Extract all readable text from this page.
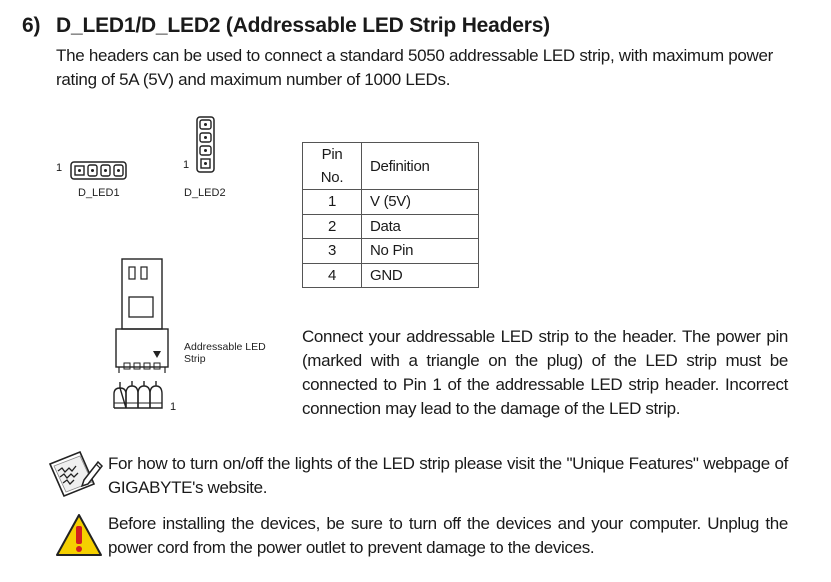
6) D_LED1/D_LED2 (Addressable LED Strip Headers)
The headers can be used to connect a standard 5050 addressable LED strip, with maximum power rating of 5A (5V) and maximum number of 1000 LEDs.
1
D_LED1
1
D_LED2
Pin No.	Definition
1	V (5V)
2	Data
3	No Pin
4	GND
1
Addressable LED Strip
Connect your addressable LED strip to the header. The power pin (marked with a triangle on the plug) of the LED strip must be connected to Pin 1 of the addressable LED strip header. Incorrect connection may lead to the damage of the LED strip.
For how to turn on/off the lights of the LED strip please visit the "Unique Features" webpage of GIGABYTE's website.
Before installing the devices, be sure to turn off the devices and your computer. Unplug the power cord from the power outlet to prevent damage to the devices.
